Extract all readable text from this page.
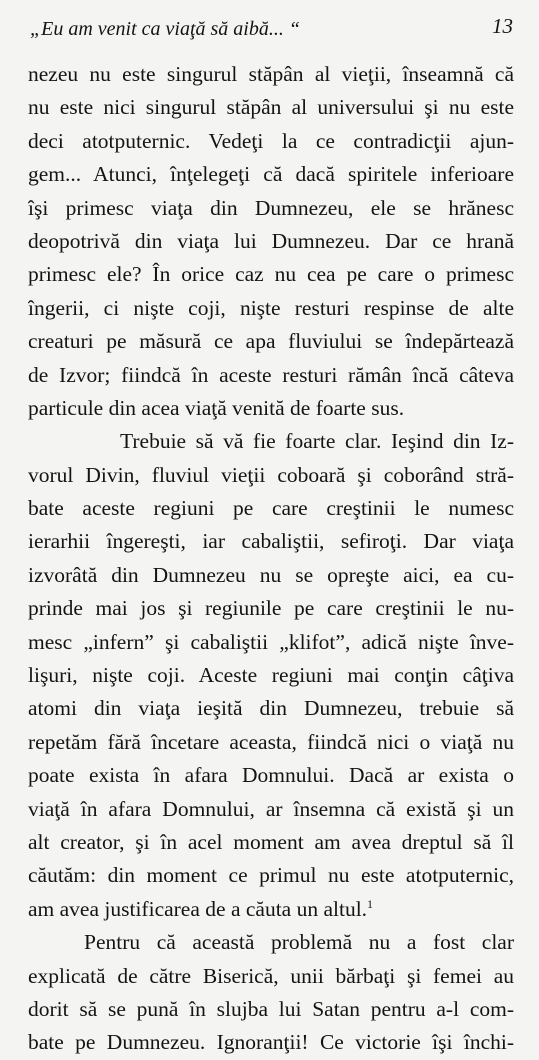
„Eu am venit ca viaţă să aibă... “	13
nezeu nu este singurul stăpân al vieţii, înseamnă că
nu este nici singurul stăpân al universului şi nu este
deci atotputernic. Vedeţi la ce contradicţii ajun-
gem... Atunci, înţelegeţi că dacă spiritele inferioare
îşi primesc viaţa din Dumnezeu, ele se hrănesc
deopotrivă din viaţa lui Dumnezeu. Dar ce hrană
primesc ele? În orice caz nu cea pe care o primesc
îngerii, ci nişte coji, nişte resturi respinse de alte
creaturi pe măsură ce apa fluviului se îndepărtează
de Izvor; fiindcă în aceste resturi rămân încă câteva
particule din acea viaţă venită de foarte sus.
Trebuie să vă fie foarte clar. Ieşind din Iz-
vorul Divin, fluviul vieţii coboară şi coborând stră-
bate aceste regiuni pe care creştinii le numesc
ierarhii îngereşti, iar cabaliştii, sefiroţi. Dar viaţa
izvorâtă din Dumnezeu nu se opreşte aici, ea cu-
prinde mai jos şi regiunile pe care creştinii le nu-
mesc „infern” şi cabaliştii „klifot”, adică nişte înve-
lişuri, nişte coji. Aceste regiuni mai conţin câţiva
atomi din viaţa ieşită din Dumnezeu, trebuie să
repetăm fără încetare aceasta, fiindcă nici o viaţă nu
poate exista în afara Domnului. Dacă ar exista o
viaţă în afara Domnului, ar însemna că există şi un
alt creator, şi în acel moment am avea dreptul să îl
căutăm: din moment ce primul nu este atotputernic,
am avea justificarea de a căuta un altul.$^1$
Pentru că această problemă nu a fost clar
explicată de către Biserică, unii bărbaţi şi femei au
dorit să se pună în slujba lui Satan pentru a-l com-
bate pe Dumnezeu. Ignoranţii! Ce victorie îşi închi-
